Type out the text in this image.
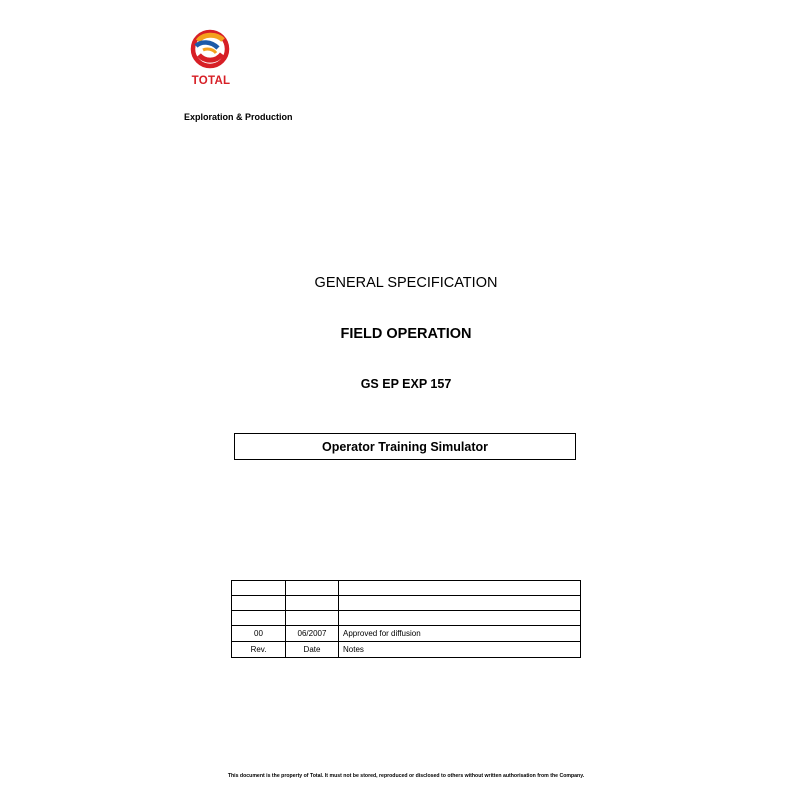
TOTAL
Exploration & Production
GENERAL SPECIFICATION
FIELD OPERATION
GS EP EXP 157
Operator Training Simulator

00	06/2007	Approved for diffusion
Rev.	Date	Notes
This document is the property of Total. It must not be stored, reproduced or disclosed to others without written authorisation from the Company.
